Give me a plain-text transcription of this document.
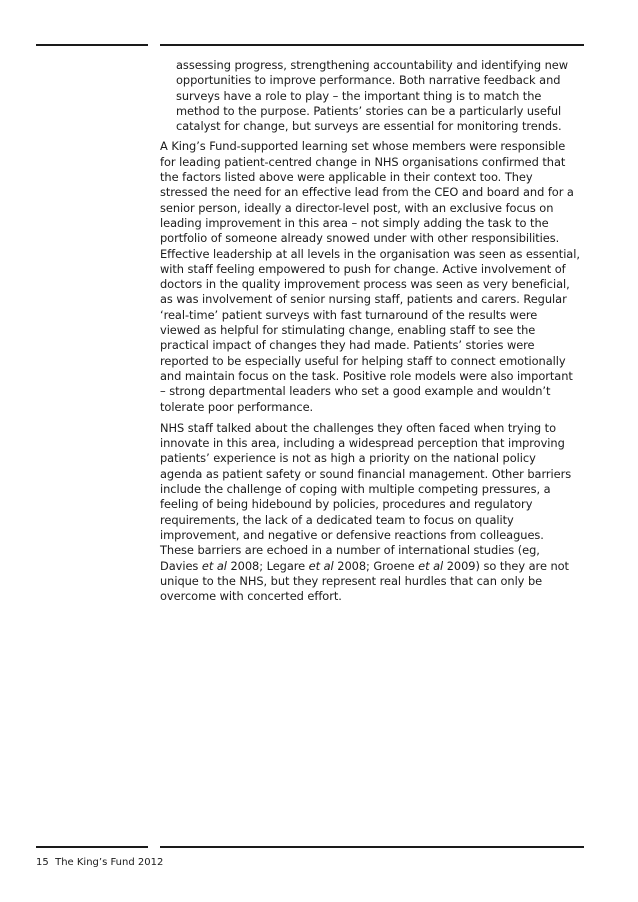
assessing progress, strengthening accountability and identifying new opportunities to improve performance. Both narrative feedback and surveys have a role to play – the important thing is to match the method to the purpose. Patients’ stories can be a particularly useful catalyst for change, but surveys are essential for monitoring trends.

A King’s Fund-supported learning set whose members were responsible for leading patient-centred change in NHS organisations confirmed that the factors listed above were applicable in their context too. They stressed the need for an effective lead from the CEO and board and for a senior person, ideally a director-level post, with an exclusive focus on leading improvement in this area – not simply adding the task to the portfolio of someone already snowed under with other responsibilities. Effective leadership at all levels in the organisation was seen as essential, with staff feeling empowered to push for change. Active involvement of doctors in the quality improvement process was seen as very beneficial, as was involvement of senior nursing staff, patients and carers. Regular ‘real-time’ patient surveys with fast turnaround of the results were viewed as helpful for stimulating change, enabling staff to see the practical impact of changes they had made. Patients’ stories were reported to be especially useful for helping staff to connect emotionally and maintain focus on the task. Positive role models were also important – strong departmental leaders who set a good example and wouldn’t tolerate poor performance.

NHS staff talked about the challenges they often faced when trying to innovate in this area, including a widespread perception that improving patients’ experience is not as high a priority on the national policy agenda as patient safety or sound financial management. Other barriers include the challenge of coping with multiple competing pressures, a feeling of being hidebound by policies, procedures and regulatory requirements, the lack of a dedicated team to focus on quality improvement, and negative or defensive reactions from colleagues. These barriers are echoed in a number of international studies (eg, Davies et al 2008; Legare et al 2008; Groene et al 2009) so they are not unique to the NHS, but they represent real hurdles that can only be overcome with concerted effort.

15 The King’s Fund 2012
